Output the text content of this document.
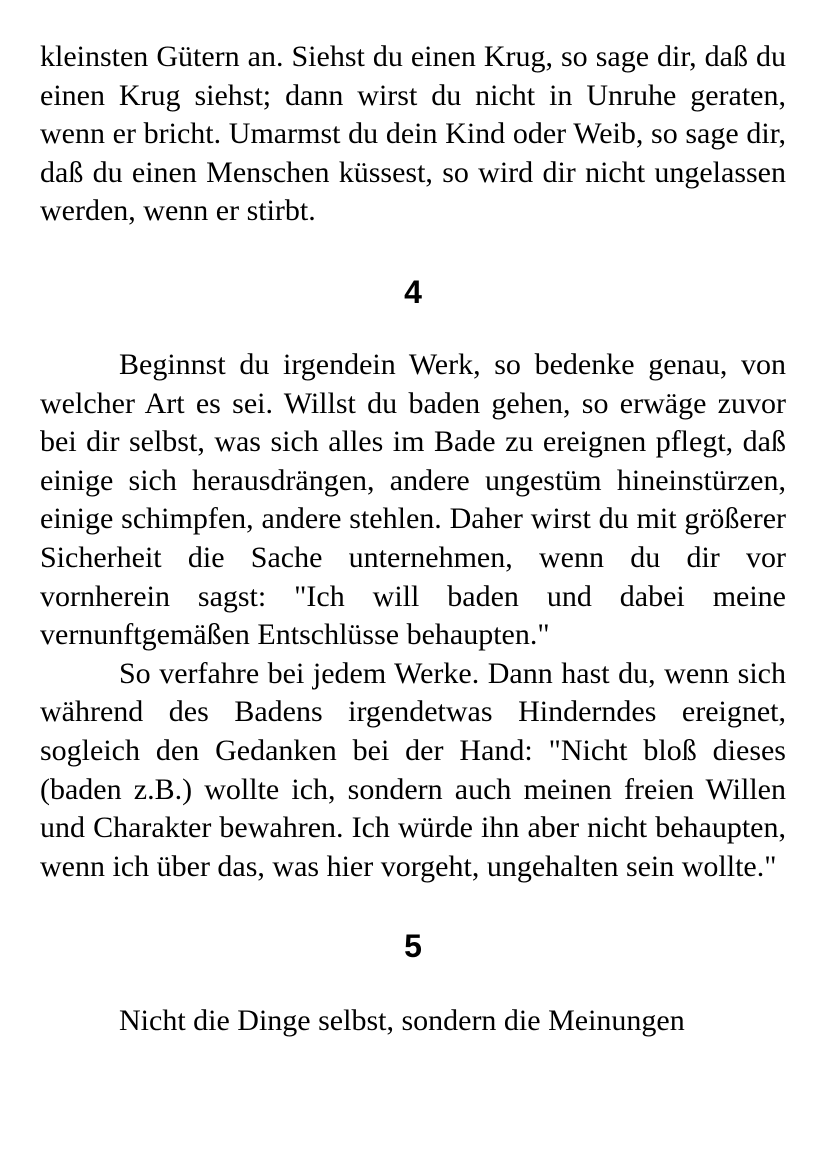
kleinsten Gütern an. Siehst du einen Krug, so sage dir, daß du einen Krug siehst; dann wirst du nicht in Unruhe geraten, wenn er bricht. Umarmst du dein Kind oder Weib, so sage dir, daß du einen Menschen küssest, so wird dir nicht ungelassen werden, wenn er stirbt.

4

Beginnst du irgendein Werk, so bedenke genau, von welcher Art es sei. Willst du baden gehen, so erwäge zuvor bei dir selbst, was sich alles im Bade zu ereignen pflegt, daß einige sich herausdrängen, andere ungestüm hineinstürzen, einige schimpfen, andere stehlen. Daher wirst du mit größerer Sicherheit die Sache unternehmen, wenn du dir vor vornherein sagst: "Ich will baden und dabei meine vernunftgemäßen Entschlüsse behaupten."

So verfahre bei jedem Werke. Dann hast du, wenn sich während des Badens irgendetwas Hinderndes ereignet, sogleich den Gedanken bei der Hand: "Nicht bloß dieses (baden z.B.) wollte ich, sondern auch meinen freien Willen und Charakter bewahren. Ich würde ihn aber nicht behaupten, wenn ich über das, was hier vorgeht, ungehalten sein wollte."

5

Nicht die Dinge selbst, sondern die Meinungen
